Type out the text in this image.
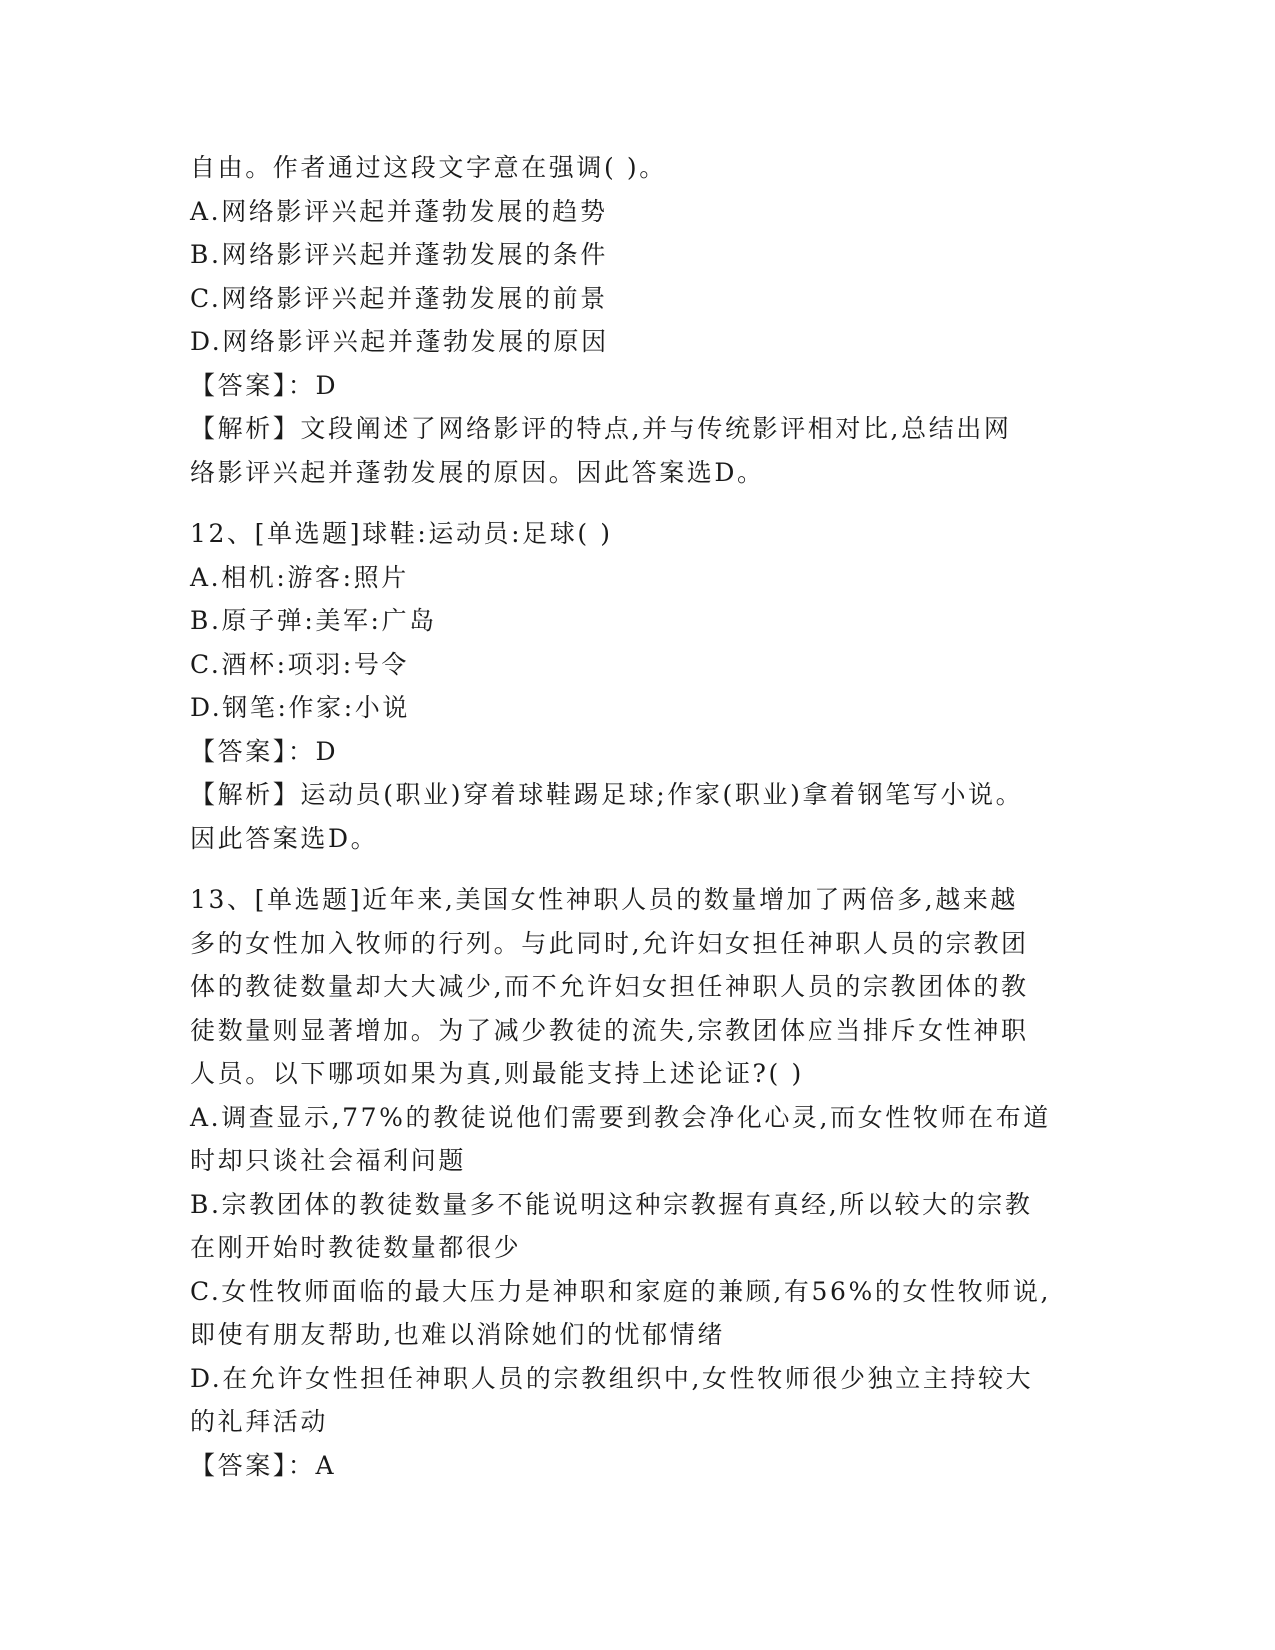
自由。作者通过这段文字意在强调( )。
A.网络影评兴起并蓬勃发展的趋势
B.网络影评兴起并蓬勃发展的条件
C.网络影评兴起并蓬勃发展的前景
D.网络影评兴起并蓬勃发展的原因
【答案】：D
【解析】文段阐述了网络影评的特点,并与传统影评相对比,总结出网
络影评兴起并蓬勃发展的原因。因此答案选D。
12、[单选题]球鞋:运动员:足球( )
A.相机:游客:照片
B.原子弹:美军:广岛
C.酒杯:项羽:号令
D.钢笔:作家:小说
【答案】：D
【解析】运动员(职业)穿着球鞋踢足球;作家(职业)拿着钢笔写小说。
因此答案选D。
13、[单选题]近年来,美国女性神职人员的数量增加了两倍多,越来越
多的女性加入牧师的行列。与此同时,允许妇女担任神职人员的宗教团
体的教徒数量却大大减少,而不允许妇女担任神职人员的宗教团体的教
徒数量则显著增加。为了减少教徒的流失,宗教团体应当排斥女性神职
人员。以下哪项如果为真,则最能支持上述论证?( )
A.调查显示,77%的教徒说他们需要到教会净化心灵,而女性牧师在布道
时却只谈社会福利问题
B.宗教团体的教徒数量多不能说明这种宗教握有真经,所以较大的宗教
在刚开始时教徒数量都很少
C.女性牧师面临的最大压力是神职和家庭的兼顾,有56%的女性牧师说,
即使有朋友帮助,也难以消除她们的忧郁情绪
D.在允许女性担任神职人员的宗教组织中,女性牧师很少独立主持较大
的礼拜活动
【答案】：A
